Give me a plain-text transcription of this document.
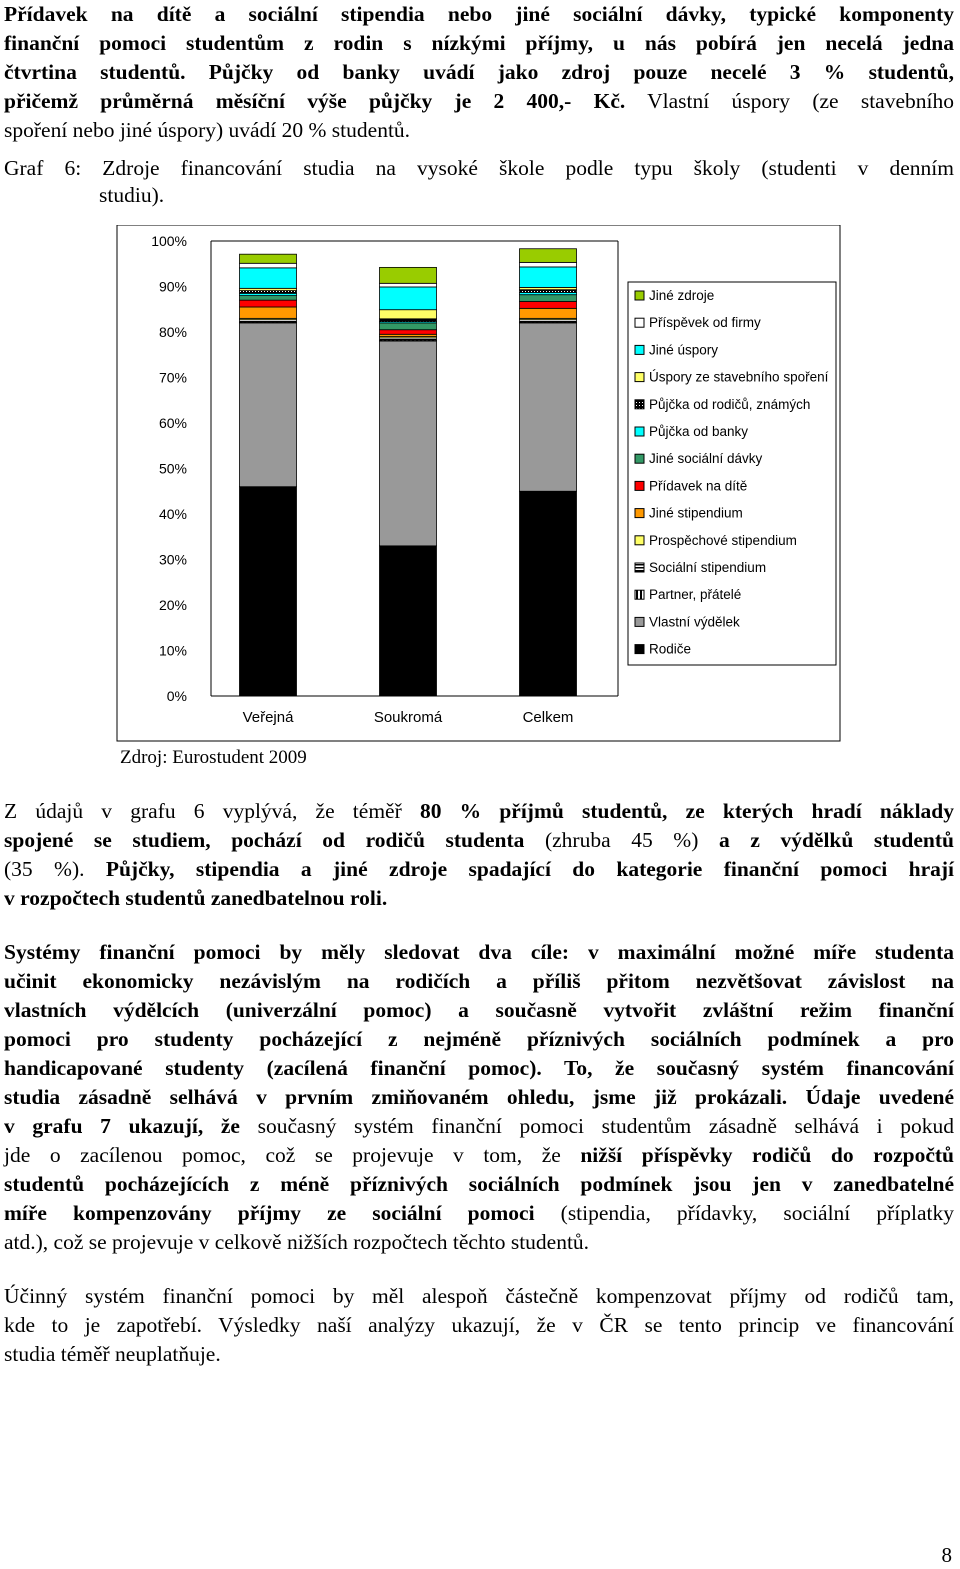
Přídavek na dítě a sociální stipendia nebo jiné sociální dávky, typické komponenty
finanční pomoci studentům z rodin s nízkými příjmy, u nás pobírá jen necelá jedna
čtvrtina studentů. Půjčky od banky uvádí jako zdroj pouze necelé 3 % studentů,
přičemž průměrná měsíční výše půjčky je 2 400,- Kč. Vlastní úspory (ze stavebního
spoření nebo jiné úspory) uvádí 20 % studentů.
Graf 6: Zdroje financování studia na vysoké škole podle typu školy (studenti v denním
studiu).
0%
10%
20%
30%
40%
50%
60%
70%
80%
90%
100%
Veřejná	Soukromá	Celkem
Jiné zdroje
Příspěvek od firmy
Jiné úspory
Úspory ze stavebního spoření
Půjčka od rodičů, známých
Půjčka od banky
Jiné sociální dávky
Přídavek na dítě
Jiné stipendium
Prospěchové stipendium
Sociální stipendium
Partner, přátelé
Vlastní výdělek
Rodiče
Zdroj: Eurostudent 2009
Z údajů v grafu 6 vyplývá, že téměř 80 % příjmů studentů, ze kterých hradí náklady
spojené se studiem, pochází od rodičů studenta (zhruba 45 %) a z výdělků studentů
(35 %). Půjčky, stipendia a jiné zdroje spadající do kategorie finanční pomoci hrají
v rozpočtech studentů zanedbatelnou roli.
Systémy finanční pomoci by měly sledovat dva cíle: v maximální možné míře studenta
učinit ekonomicky nezávislým na rodičích a příliš přitom nezvětšovat závislost na
vlastních výdělcích (univerzální pomoc) a současně vytvořit zvláštní režim finanční
pomoci pro studenty pocházející z nejméně příznivých sociálních podmínek a pro
handicapované studenty (zacílená finanční pomoc). To, že současný systém financování
studia zásadně selhává v prvním zmiňovaném ohledu, jsme již prokázali. Údaje uvedené
v grafu 7 ukazují, že současný systém finanční pomoci studentům zásadně selhává i pokud
jde o zacílenou pomoc, což se projevuje v tom, že nižší příspěvky rodičů do rozpočtů
studentů pocházejících z méně příznivých sociálních podmínek jsou jen v zanedbatelné
míře kompenzovány příjmy ze sociální pomoci (stipendia, přídavky, sociální příplatky
atd.), což se projevuje v celkově nižších rozpočtech těchto studentů.
Účinný systém finanční pomoci by měl alespoň částečně kompenzovat příjmy od rodičů tam,
kde to je zapotřebí. Výsledky naší analýzy ukazují, že v ČR se tento princip ve financování
studia téměř neuplatňuje.
8
